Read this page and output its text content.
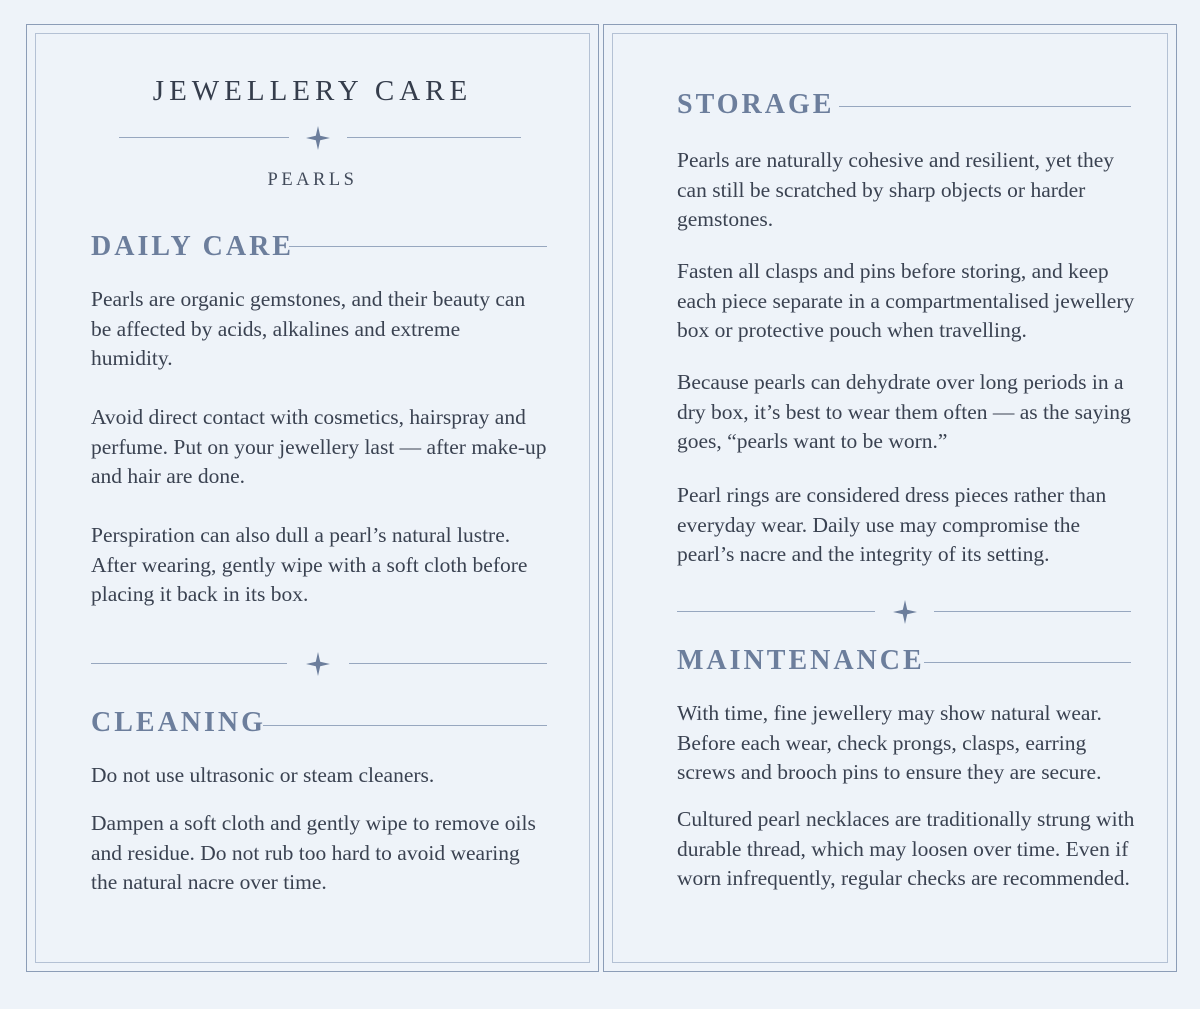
JEWELLERY CARE
PEARLS
DAILY CARE
Pearls are organic gemstones, and their beauty can be affected by acids, alkalines and extreme humidity.
Avoid direct contact with cosmetics, hairspray and perfume. Put on your jewellery last — after make-up and hair are done.
Perspiration can also dull a pearl’s natural lustre. After wearing, gently wipe with a soft cloth before placing it back in its box.
CLEANING
Do not use ultrasonic or steam cleaners.
Dampen a soft cloth and gently wipe to remove oils and residue. Do not rub too hard to avoid wearing the natural nacre over time.
STORAGE
Pearls are naturally cohesive and resilient, yet they can still be scratched by sharp objects or harder gemstones.
Fasten all clasps and pins before storing, and keep each piece separate in a compartmentalised jewellery box or protective pouch when travelling.
Because pearls can dehydrate over long periods in a dry box, it’s best to wear them often — as the saying goes, “pearls want to be worn.”
Pearl rings are considered dress pieces rather than everyday wear. Daily use may compromise the pearl’s nacre and the integrity of its setting.
MAINTENANCE
With time, fine jewellery may show natural wear. Before each wear, check prongs, clasps, earring screws and brooch pins to ensure they are secure.
Cultured pearl necklaces are traditionally strung with durable thread, which may loosen over time. Even if worn infrequently, regular checks are recommended.
